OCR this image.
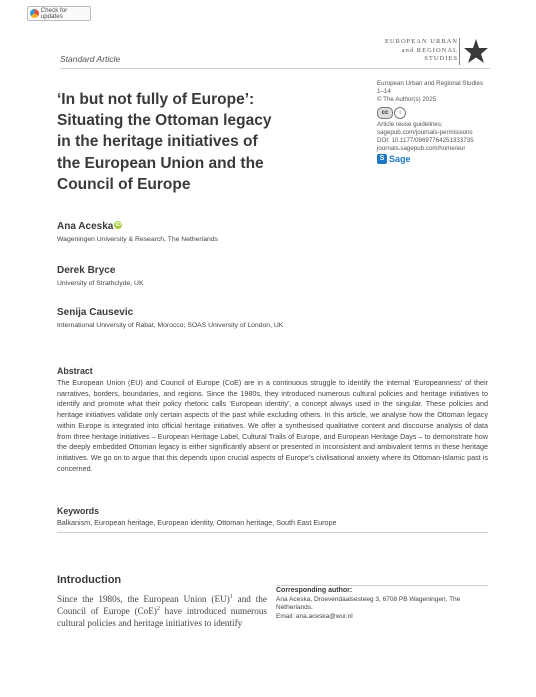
Check for updates
Standard Article
EUROPEAN URBAN
and REGIONAL
STUDIES
European Urban and Regional Studies
1–14
© The Author(s) 2025
cc	i
Article reuse guidelines:
sagepub.com/journals-permissions
DOI: 10.1177/09697764251333735
journals.sagepub.com/home/eur
S Sage
‘In but not fully of Europe’:
Situating the Ottoman legacy
in the heritage initiatives of
the European Union and the
Council of Europe
Ana Aceska iD
Wageningen University & Research, The Netherlands
Derek Bryce
University of Strathclyde, UK
Senija Causevic
International University of Rabat, Morocco; SOAS University of London, UK
Abstract
The European Union (EU) and Council of Europe (CoE) are in a continuous struggle to identify the internal ‘Europeanness’ of their narratives, borders, boundaries, and regions. Since the 1980s, they introduced numerous cultural policies and heritage initiatives to identify and promote what their policy rhetoric calls ‘European identity’, a concept always used in the singular. These policies and heritage initiatives validate only certain aspects of the past while excluding others. In this article, we analyse how the Ottoman legacy within Europe is integrated into official heritage initiatives. We offer a synthesised qualitative content and discourse analysis of data from three heritage initiatives – European Heritage Label, Cultural Trails of Europe, and European Heritage Days – to demonstrate how the deeply embedded Ottoman legacy is either significantly absent or presented in inconsistent and ambivalent terms in these heritage initiatives. We go on to argue that this depends upon crucial aspects of Europe’s civilisational anxiety where its Ottoman-Islamic past is concerned.
Keywords
Balkanism, European heritage, European identity, Ottoman heritage, South East Europe
Introduction
Since the 1980s, the European Union (EU)$^1$ and the Council of Europe (CoE)$^2$ have introduced numerous cultural policies and heritage initiatives to identify
Corresponding author:
Ana Aceska, Droevendaalsesteeg 3, 6708 PB Wageningen, The Netherlands.
Email: ana.aceska@wur.nl
